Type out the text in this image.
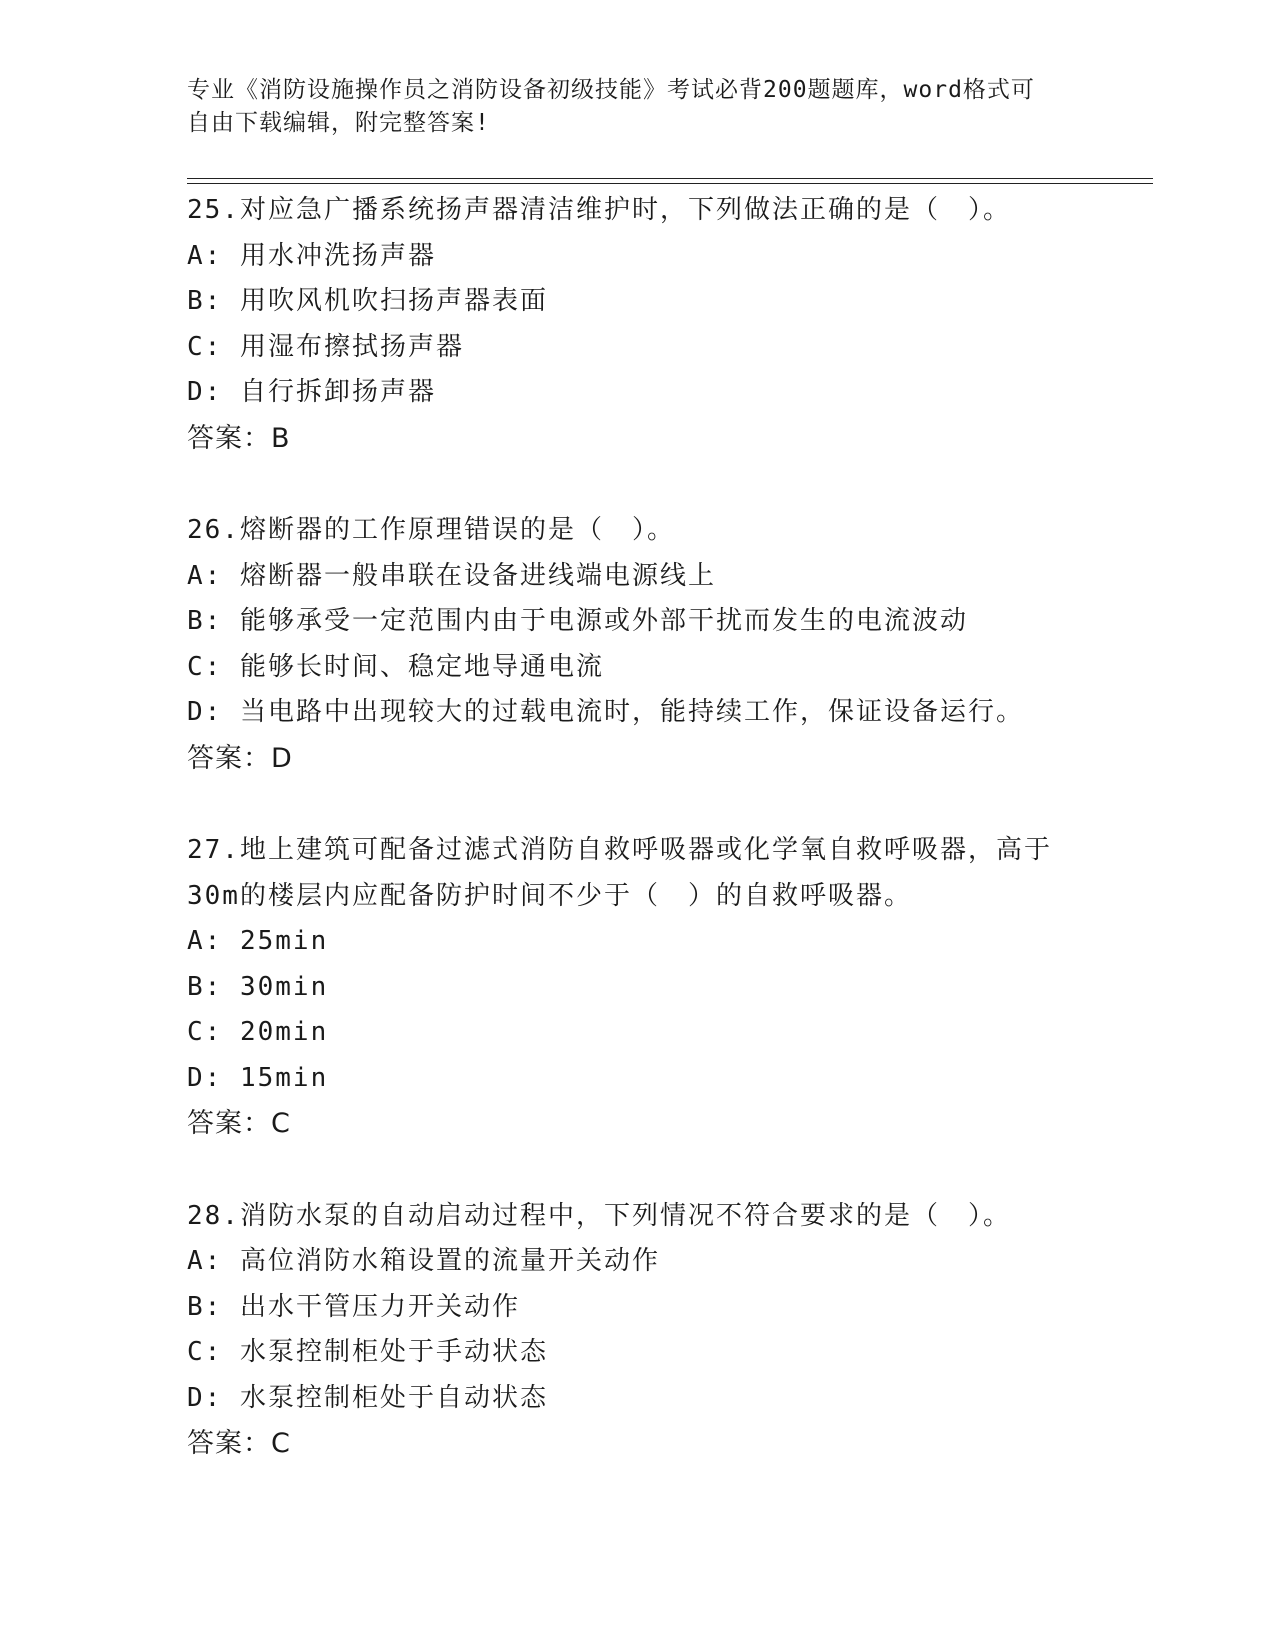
专业《消防设施操作员之消防设备初级技能》考试必背200题题库，word格式可
自由下载编辑，附完整答案!
25.对应急广播系统扬声器清洁维护时，下列做法正确的是（　）。
A: 用水冲洗扬声器
B: 用吹风机吹扫扬声器表面
C: 用湿布擦拭扬声器
D: 自行拆卸扬声器
答案：B
26.熔断器的工作原理错误的是（　）。
A: 熔断器一般串联在设备进线端电源线上
B: 能够承受一定范围内由于电源或外部干扰而发生的电流波动
C: 能够长时间、稳定地导通电流
D: 当电路中出现较大的过载电流时，能持续工作，保证设备运行。
答案：D
27.地上建筑可配备过滤式消防自救呼吸器或化学氧自救呼吸器，高于
30m的楼层内应配备防护时间不少于（　）的自救呼吸器。
A: 25min
B: 30min
C: 20min
D: 15min
答案：C
28.消防水泵的自动启动过程中，下列情况不符合要求的是（　）。
A: 高位消防水箱设置的流量开关动作
B: 出水干管压力开关动作
C: 水泵控制柜处于手动状态
D: 水泵控制柜处于自动状态
答案：C
